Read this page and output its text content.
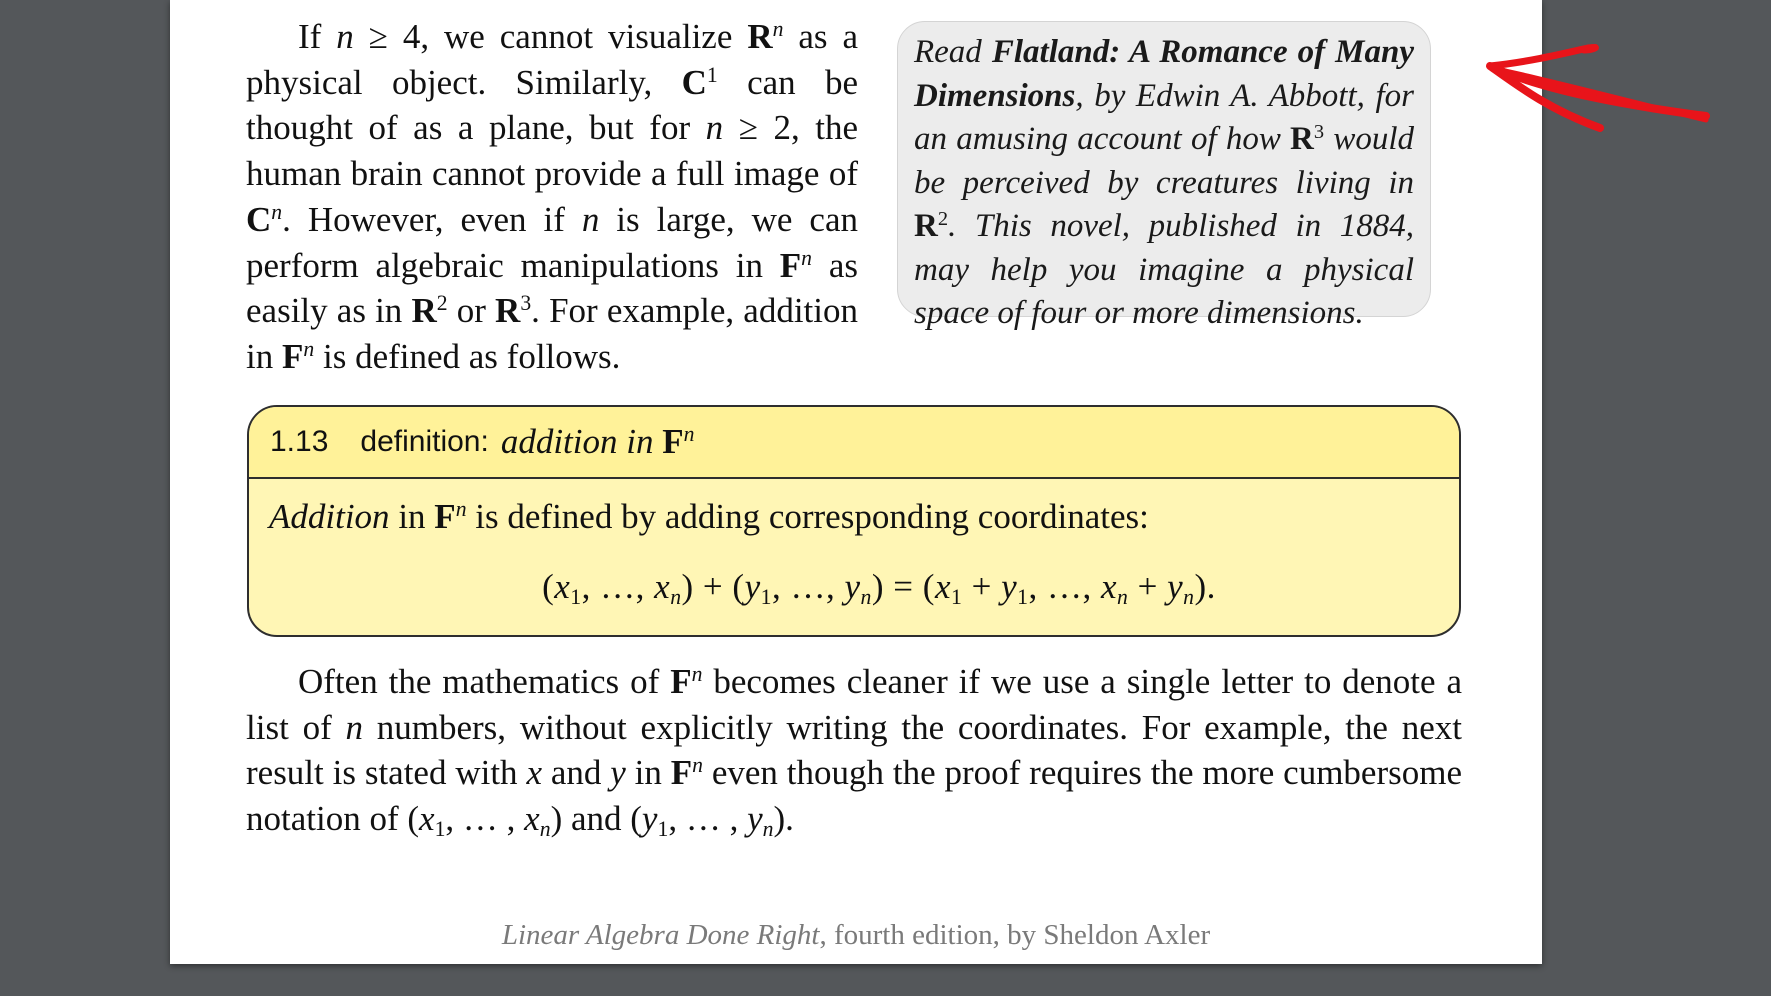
If n ≥ 4, we cannot visualize $R^n$ as a physical object. Similarly, $C^1$ can be thought of as a plane, but for n ≥ 2, the human brain cannot provide a full image of $C^n$. However, even if n is large, we can perform algebraic manipulations in $F^n$ as easily as in $R^2$ or $R^3$. For example, addition in $F^n$ is defined as follows.

Read Flatland: A Romance of Many Dimensions, by Edwin A. Abbott, for an amusing account of how $R^3$ would be perceived by creatures living in $R^2$. This novel, published in 1884, may help you imagine a physical space of four or more dimensions.

1.13 definition: addition in $F^n$

Addition in $F^n$ is defined by adding corresponding coordinates:

($x_1$, …, $x_n) + (y_1$, …, $y_n) = (x_1 + y_1$, …, $x_n + y_n$).

Often the mathematics of $F^n$ becomes cleaner if we use a single letter to denote a list of n numbers, without explicitly writing the coordinates. For example, the next result is stated with x and y in $F^n$ even though the proof requires the more cumbersome notation of ($x_1$, … , $x_n$) and ($y_1$, … , $y_n$).

Linear Algebra Done Right, fourth edition, by Sheldon Axler
